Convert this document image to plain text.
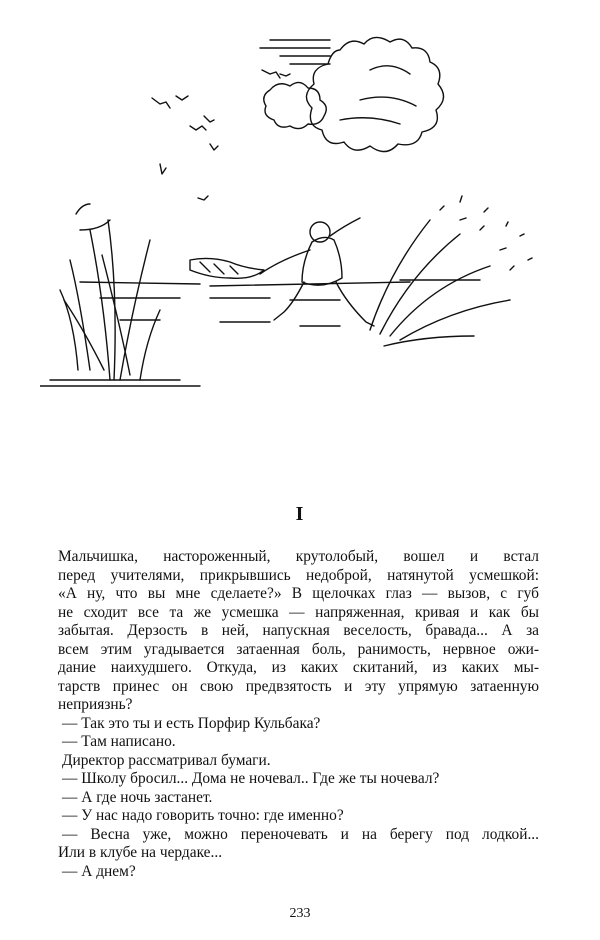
I

Мальчишка, настороженный, крутолобый, вошел и встал
перед учителями, прикрывшись недоброй, натянутой усмешкой:
«А ну, что вы мне сделаете?» В щелочках глаз — вызов, с губ
не сходит все та же усмешка — напряженная, кривая и как бы
забытая. Дерзость в ней, напускная веселость, бравада... А за
всем этим угадывается затаенная боль, ранимость, нервное ожи-
дание наихудшего. Откуда, из каких скитаний, из каких мы-
тарств принес он свою предвзятость и эту упрямую затаенную
неприязнь?

— Так это ты и есть Порфир Кульбака?
— Там написано.
Директор рассматривал бумаги.
— Школу бросил... Дома не ночевал.. Где же ты ночевал?
— А где ночь застанет.
— У нас надо говорить точно: где именно?

— Весна уже, можно переночевать и на берегу под лодкой...
Или в клубе на чердаке...

— А днем?
233
